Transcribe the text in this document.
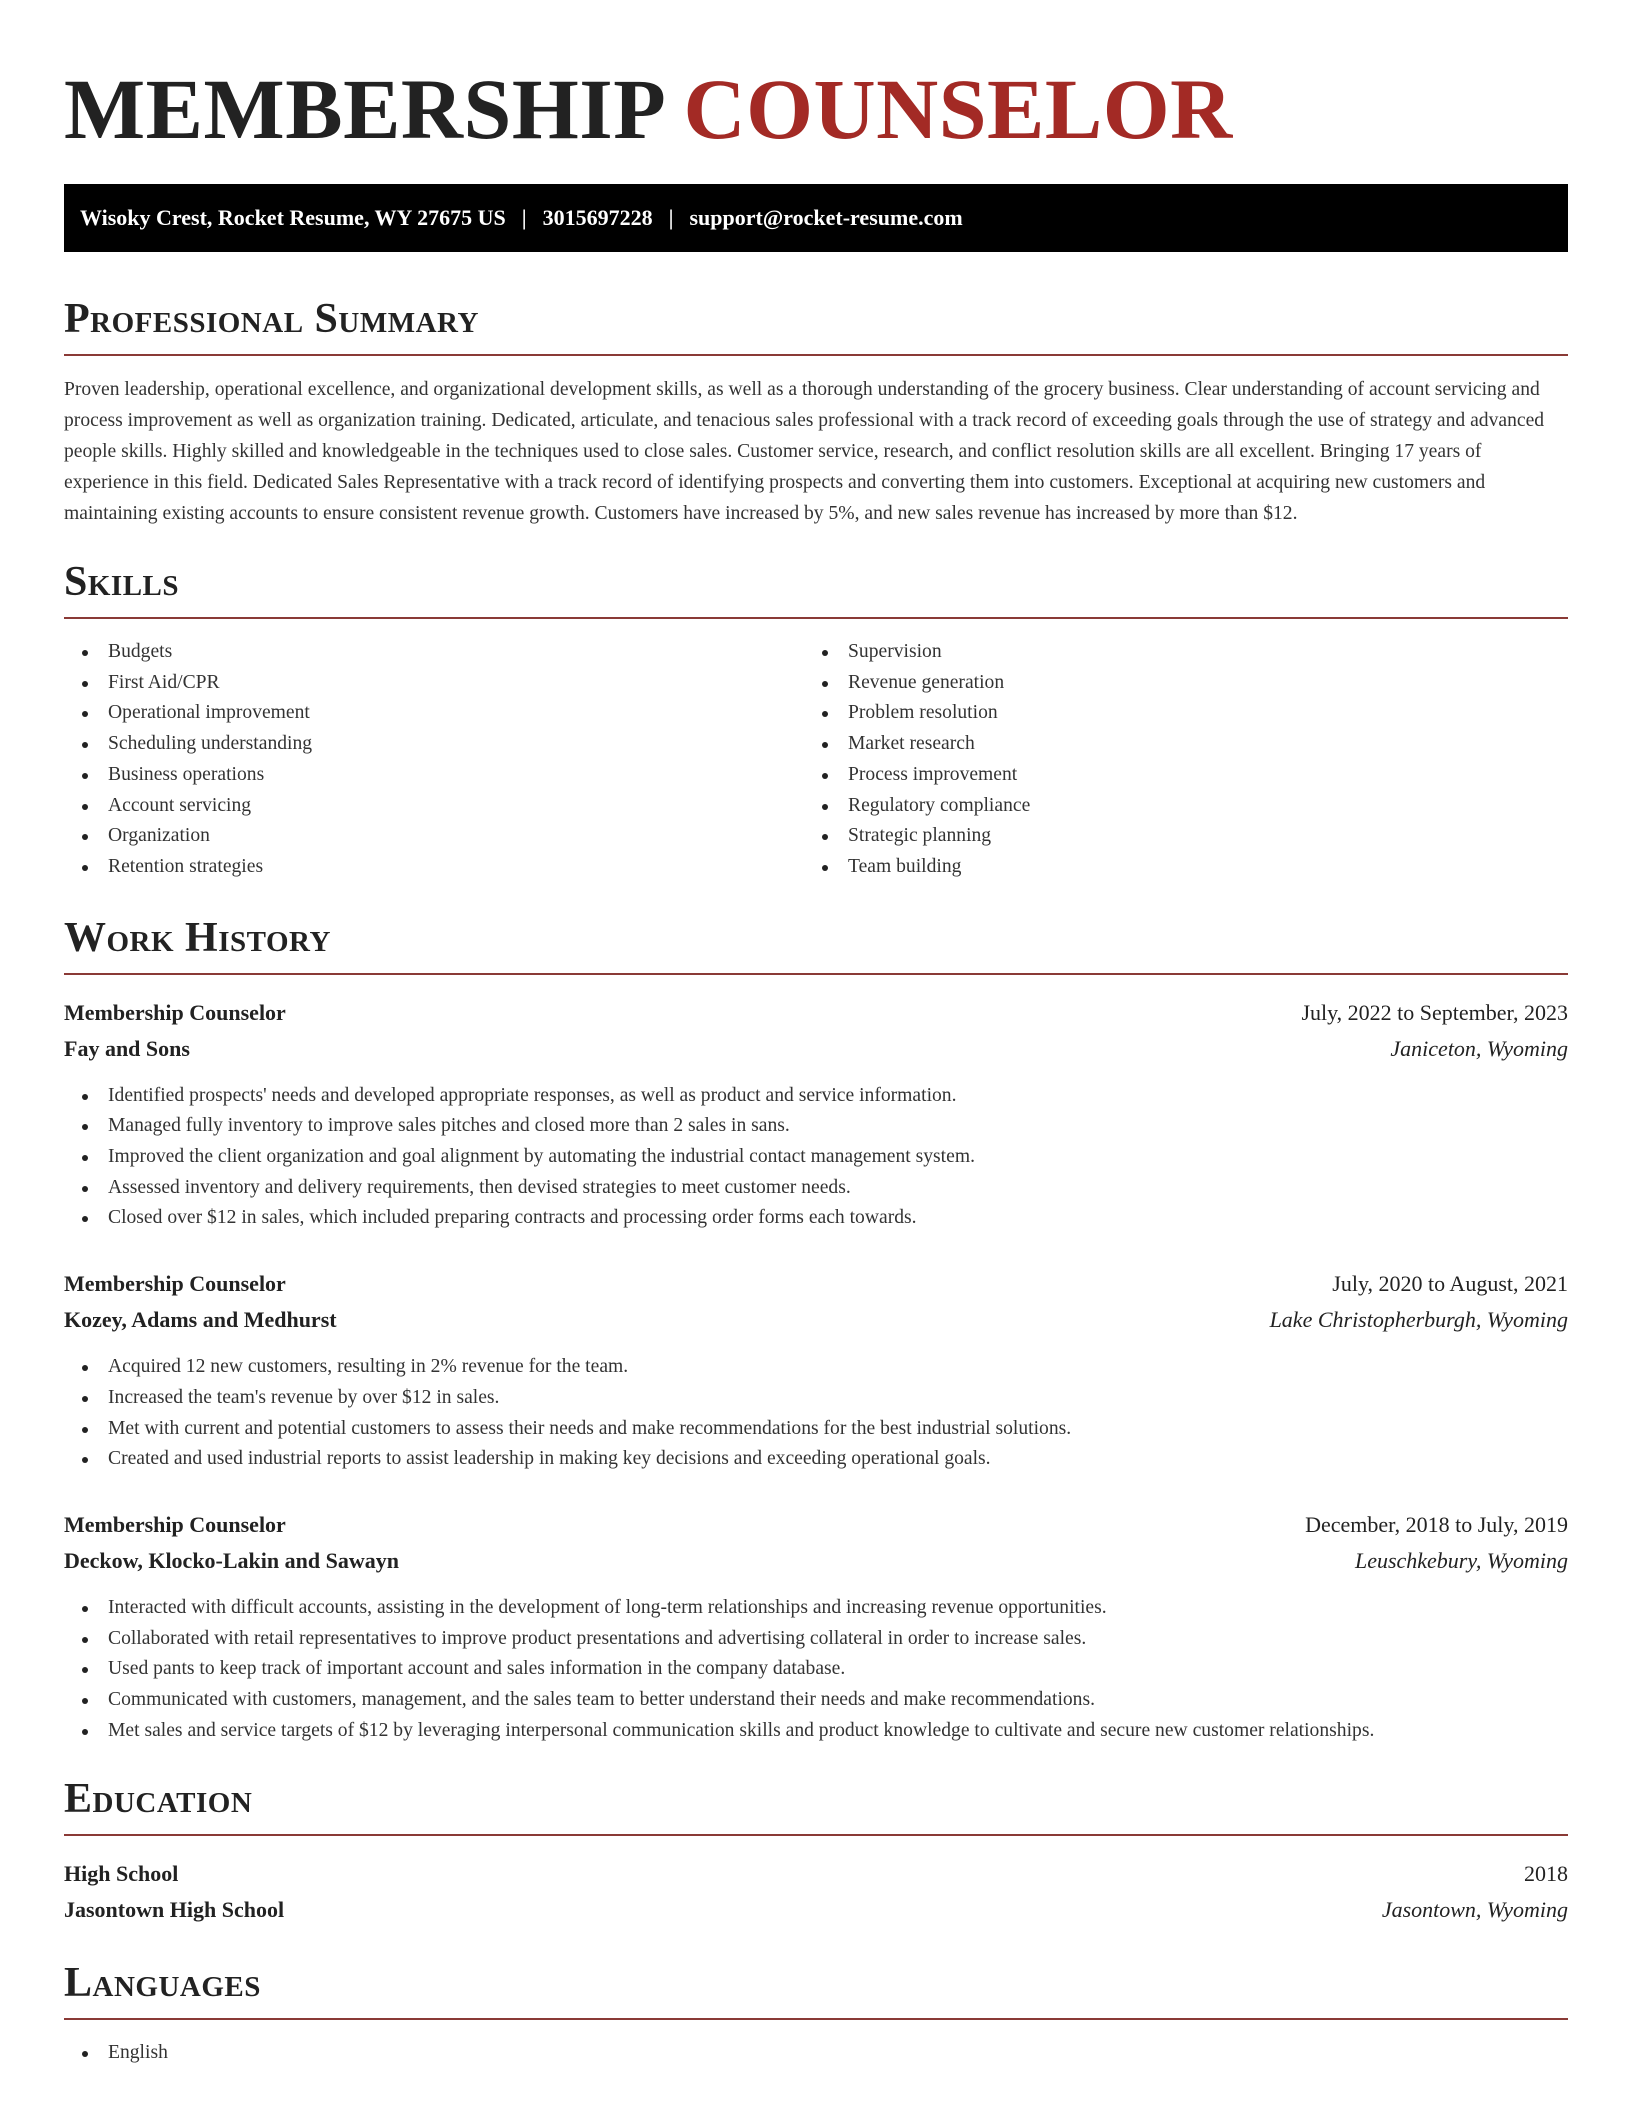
MEMBERSHIP COUNSELOR
Wisoky Crest, Rocket Resume, WY 27675 US | 3015697228 | support@rocket-resume.com
Professional Summary

Proven leadership, operational excellence, and organizational development skills, as well as a thorough understanding of the grocery business. Clear understanding of account servicing and process improvement as well as organization training. Dedicated, articulate, and tenacious sales professional with a track record of exceeding goals through the use of strategy and advanced people skills. Highly skilled and knowledgeable in the techniques used to close sales. Customer service, research, and conflict resolution skills are all excellent. Bringing 17 years of experience in this field. Dedicated Sales Representative with a track record of identifying prospects and converting them into customers. Exceptional at acquiring new customers and maintaining existing accounts to ensure consistent revenue growth. Customers have increased by 5%, and new sales revenue has increased by more than $12.

Skills
Budgets
First Aid/CPR
Operational improvement
Scheduling understanding
Business operations
Account servicing
Organization
Retention strategies
Supervision
Revenue generation
Problem resolution
Market research
Process improvement
Regulatory compliance
Strategic planning
Team building
Work History
Membership Counselor	July, 2022 to September, 2023
Fay and Sons	Janiceton, Wyoming
Identified prospects' needs and developed appropriate responses, as well as product and service information.
Managed fully inventory to improve sales pitches and closed more than 2 sales in sans.
Improved the client organization and goal alignment by automating the industrial contact management system.
Assessed inventory and delivery requirements, then devised strategies to meet customer needs.
Closed over $12 in sales, which included preparing contracts and processing order forms each towards.
Membership Counselor	July, 2020 to August, 2021
Kozey, Adams and Medhurst	Lake Christopherburgh, Wyoming
Acquired 12 new customers, resulting in 2% revenue for the team.
Increased the team's revenue by over $12 in sales.
Met with current and potential customers to assess their needs and make recommendations for the best industrial solutions.
Created and used industrial reports to assist leadership in making key decisions and exceeding operational goals.
Membership Counselor	December, 2018 to July, 2019
Deckow, Klocko-Lakin and Sawayn	Leuschkebury, Wyoming
Interacted with difficult accounts, assisting in the development of long-term relationships and increasing revenue opportunities.
Collaborated with retail representatives to improve product presentations and advertising collateral in order to increase sales.
Used pants to keep track of important account and sales information in the company database.
Communicated with customers, management, and the sales team to better understand their needs and make recommendations.
Met sales and service targets of $12 by leveraging interpersonal communication skills and product knowledge to cultivate and secure new customer relationships.
Education
High School	2018
Jasontown High School	Jasontown, Wyoming
Languages
English
